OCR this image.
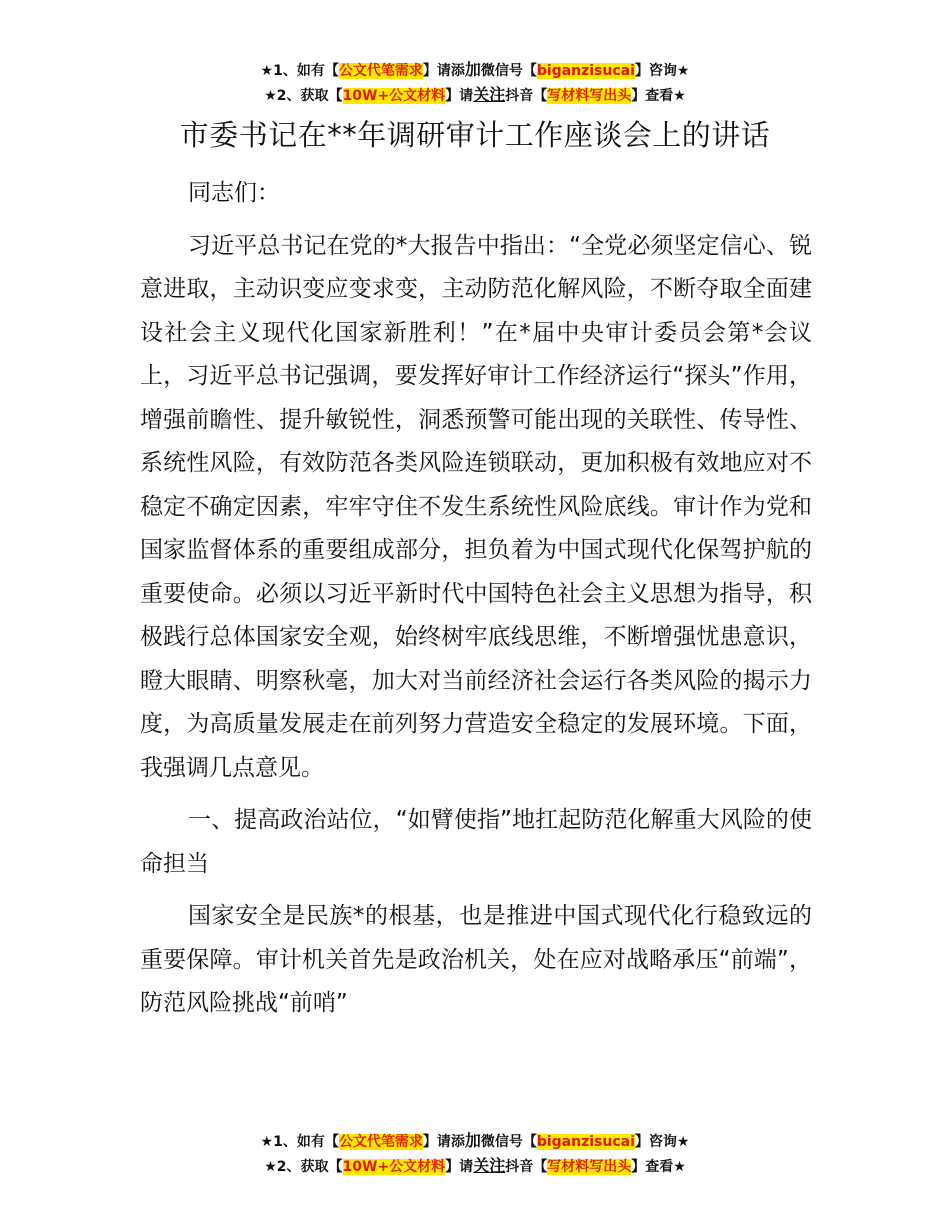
★1、如有【公文代笔需求】请添加微信号【biganzisucai】咨询★
★2、获取【10W+公文材料】请关注抖音【写材料写出头】查看★
市委书记在**年调研审计工作座谈会上的讲话

同志们：

习近平总书记在党的*大报告中指出：“全党必须坚定信心、锐意进取，主动识变应变求变，主动防范化解风险，不断夺取全面建设社会主义现代化国家新胜利！”在*届中央审计委员会第*会议上，习近平总书记强调，要发挥好审计工作经济运行“探头”作用，增强前瞻性、提升敏锐性，洞悉预警可能出现的关联性、传导性、系统性风险，有效防范各类风险连锁联动，更加积极有效地应对不稳定不确定因素，牢牢守住不发生系统性风险底线。审计作为党和国家监督体系的重要组成部分，担负着为中国式现代化保驾护航的重要使命。必须以习近平新时代中国特色社会主义思想为指导，积极践行总体国家安全观，始终树牢底线思维，不断增强忧患意识，瞪大眼睛、明察秋毫，加大对当前经济社会运行各类风险的揭示力度，为高质量发展走在前列努力营造安全稳定的发展环境。下面，我强调几点意见。

一、提高政治站位，“如臂使指”地扛起防范化解重大风险的使命担当

国家安全是民族*的根基，也是推进中国式现代化行稳致远的重要保障。审计机关首先是政治机关，处在应对战略承压“前端”，防范风险挑战“前哨”

★1、如有【公文代笔需求】请添加微信号【biganzisucai】咨询★
★2、获取【10W+公文材料】请关注抖音【写材料写出头】查看★
